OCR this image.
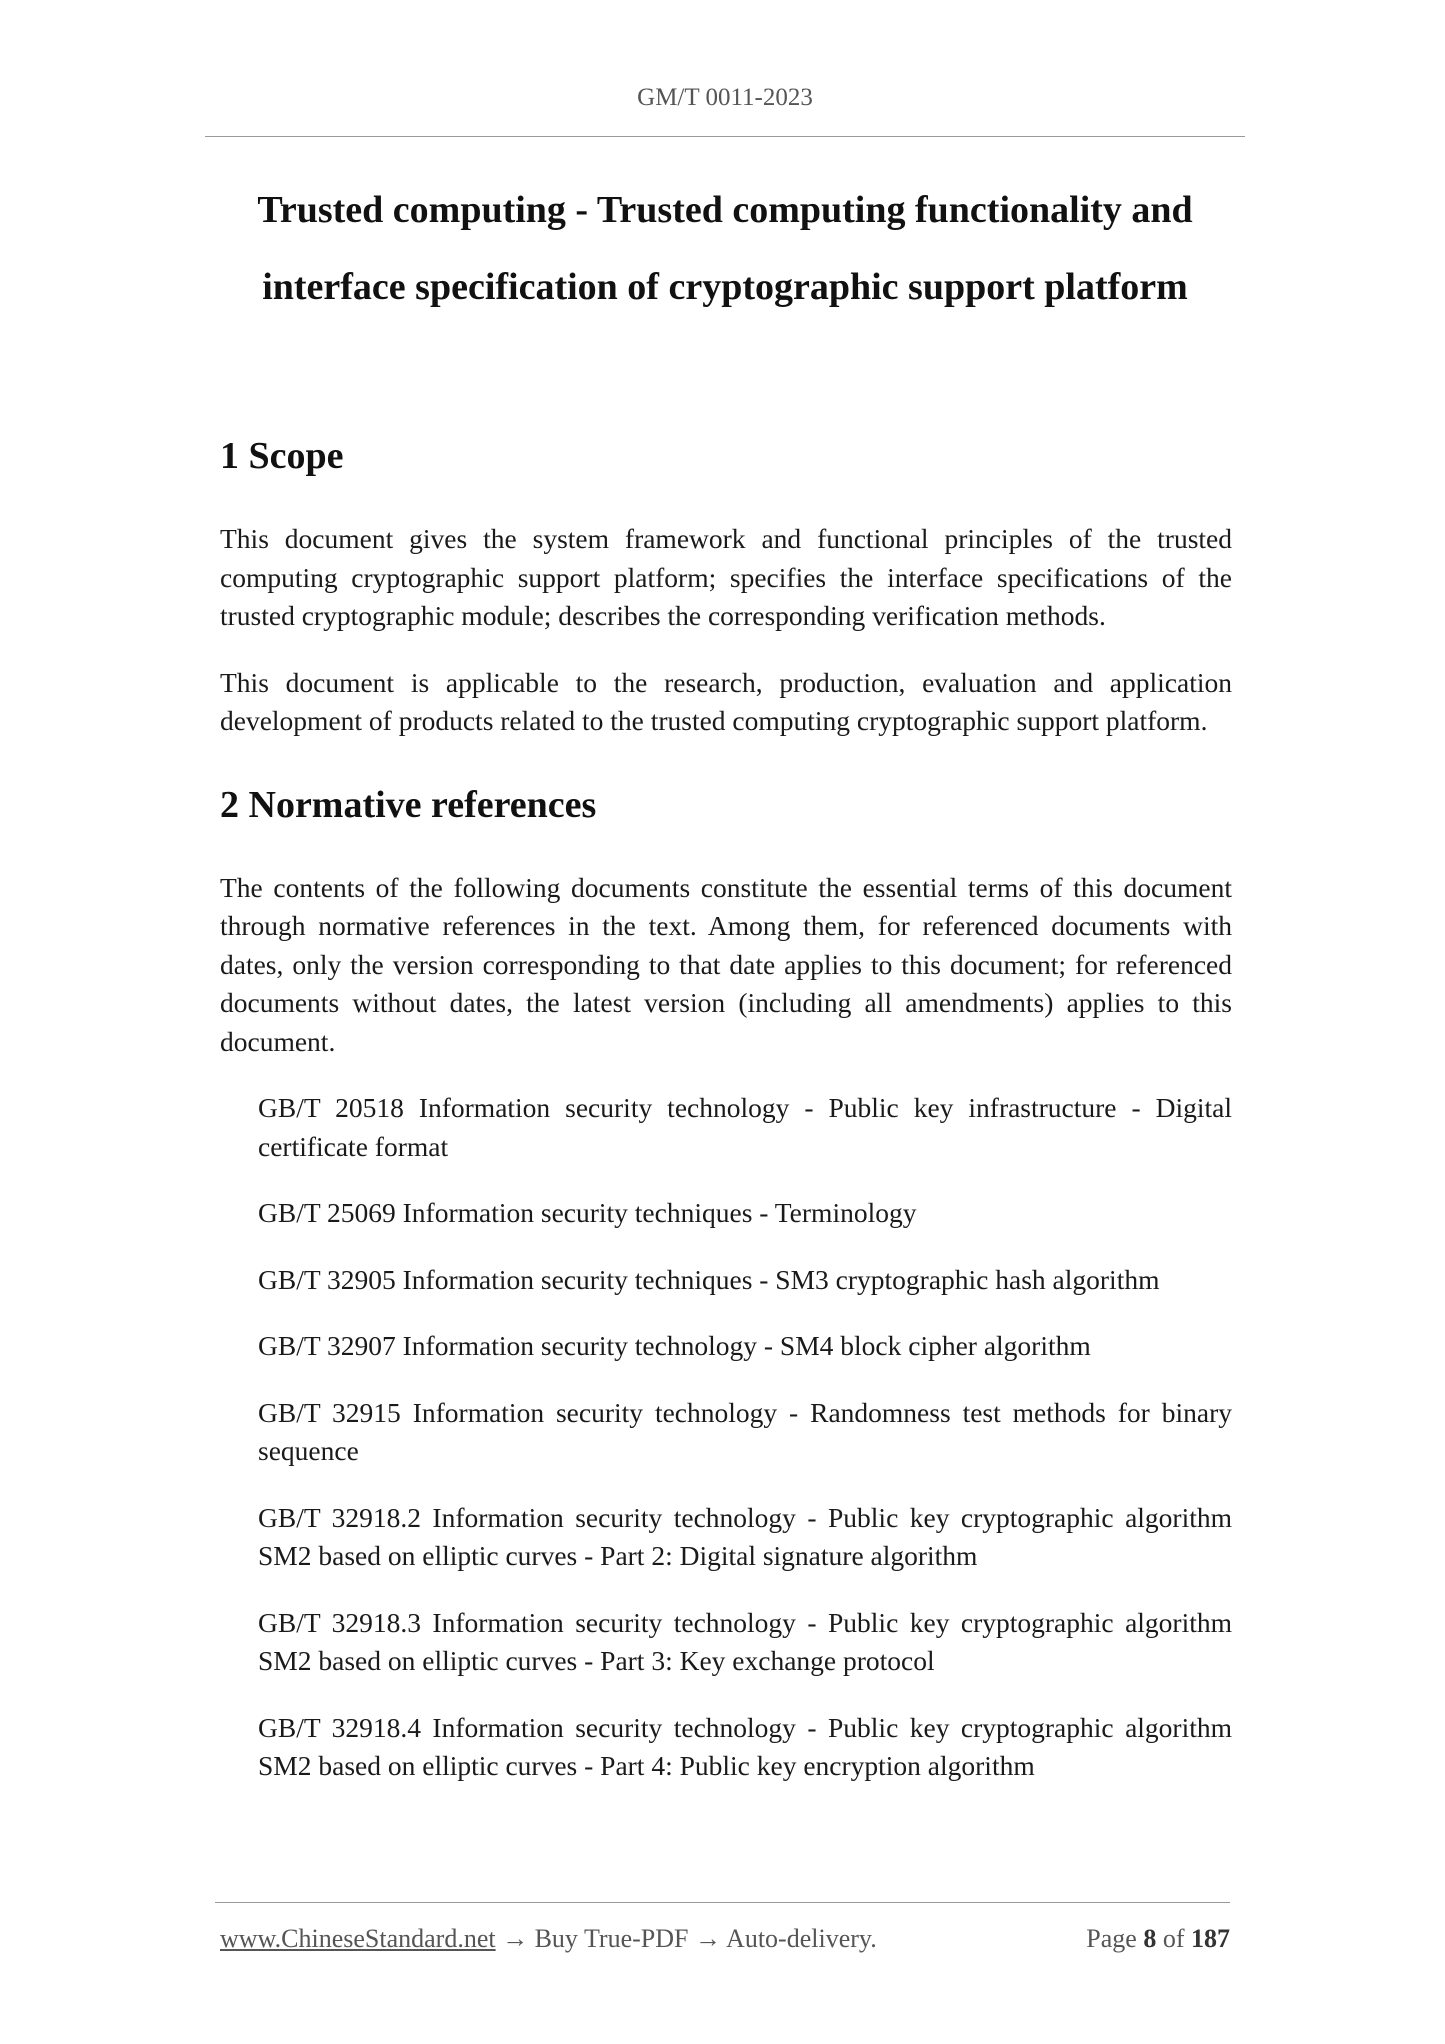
GM/T 0011-2023
Trusted computing - Trusted computing functionality and
interface specification of cryptographic support platform
1 Scope

This document gives the system framework and functional principles of the trusted computing cryptographic support platform; specifies the interface specifications of the trusted cryptographic module; describes the corresponding verification methods.

This document is applicable to the research, production, evaluation and application development of products related to the trusted computing cryptographic support platform.

2 Normative references

The contents of the following documents constitute the essential terms of this document through normative references in the text. Among them, for referenced documents with dates, only the version corresponding to that date applies to this document; for referenced documents without dates, the latest version (including all amendments) applies to this document.

GB/T 20518 Information security technology - Public key infrastructure - Digital certificate format

GB/T 25069 Information security techniques - Terminology

GB/T 32905 Information security techniques - SM3 cryptographic hash algorithm

GB/T 32907 Information security technology - SM4 block cipher algorithm

GB/T 32915 Information security technology - Randomness test methods for binary sequence

GB/T 32918.2 Information security technology - Public key cryptographic algorithm SM2 based on elliptic curves - Part 2: Digital signature algorithm

GB/T 32918.3 Information security technology - Public key cryptographic algorithm SM2 based on elliptic curves - Part 3: Key exchange protocol

GB/T 32918.4 Information security technology - Public key cryptographic algorithm SM2 based on elliptic curves - Part 4: Public key encryption algorithm

www.ChineseStandard.net → Buy True-PDF → Auto-delivery.	Page 8 of 187
